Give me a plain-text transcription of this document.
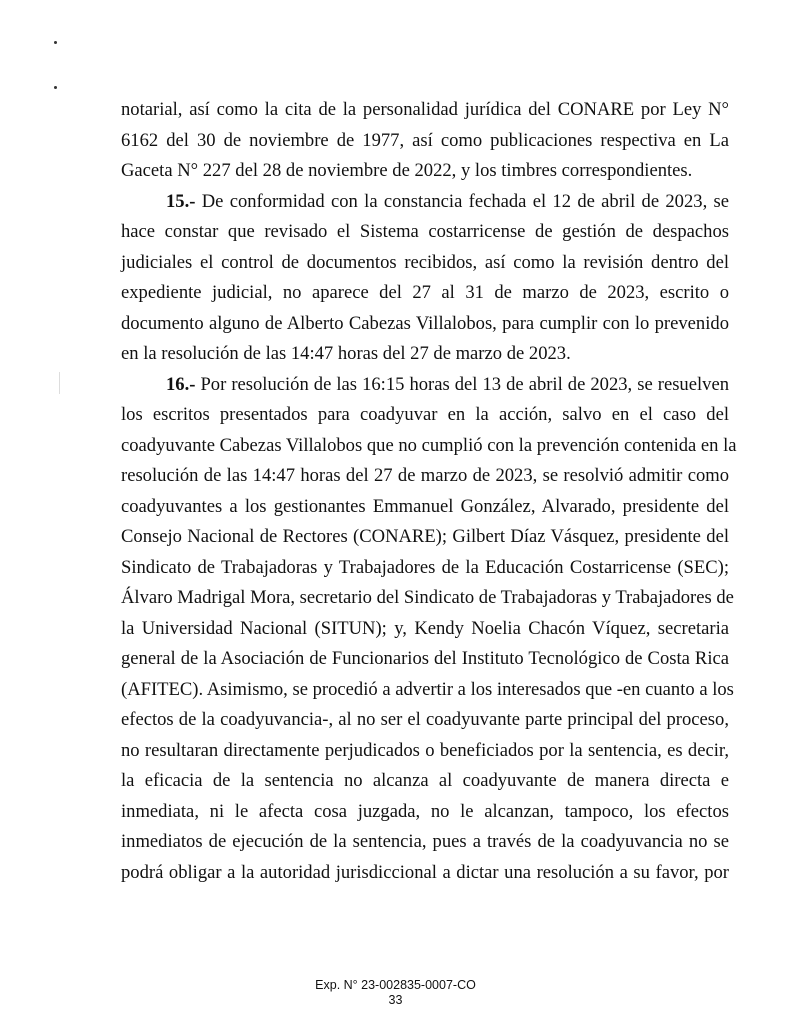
notarial, así como la cita de la personalidad jurídica del CONARE por Ley N°
6162 del 30 de noviembre de 1977, así como publicaciones respectiva en La
Gaceta N° 227 del 28 de noviembre de 2022, y los timbres correspondientes.

15.- De conformidad con la constancia fechada el 12 de abril de 2023, se
hace constar que revisado el Sistema costarricense de gestión de despachos
judiciales el control de documentos recibidos, así como la revisión dentro del
expediente judicial, no aparece del 27 al 31 de marzo de 2023, escrito o
documento alguno de Alberto Cabezas Villalobos, para cumplir con lo prevenido
en la resolución de las 14:47 horas del 27 de marzo de 2023.

16.- Por resolución de las 16:15 horas del 13 de abril de 2023, se resuelven
los escritos presentados para coadyuvar en la acción, salvo en el caso del
coadyuvante Cabezas Villalobos que no cumplió con la prevención contenida en la
resolución de las 14:47 horas del 27 de marzo de 2023, se resolvió admitir como
coadyuvantes a los gestionantes Emmanuel González, Alvarado, presidente del
Consejo Nacional de Rectores (CONARE); Gilbert Díaz Vásquez, presidente del
Sindicato de Trabajadoras y Trabajadores de la Educación Costarricense (SEC);
Álvaro Madrigal Mora, secretario del Sindicato de Trabajadoras y Trabajadores de
la Universidad Nacional (SITUN); y, Kendy Noelia Chacón Víquez, secretaria
general de la Asociación de Funcionarios del Instituto Tecnológico de Costa Rica
(AFITEC). Asimismo, se procedió a advertir a los interesados que -en cuanto a los
efectos de la coadyuvancia-, al no ser el coadyuvante parte principal del proceso,
no resultaran directamente perjudicados o beneficiados por la sentencia, es decir,
la eficacia de la sentencia no alcanza al coadyuvante de manera directa e
inmediata, ni le afecta cosa juzgada, no le alcanzan, tampoco, los efectos
inmediatos de ejecución de la sentencia, pues a través de la coadyuvancia no se
podrá obligar a la autoridad jurisdiccional a dictar una resolución a su favor, por

Exp. N° 23-002835-0007-CO
33
